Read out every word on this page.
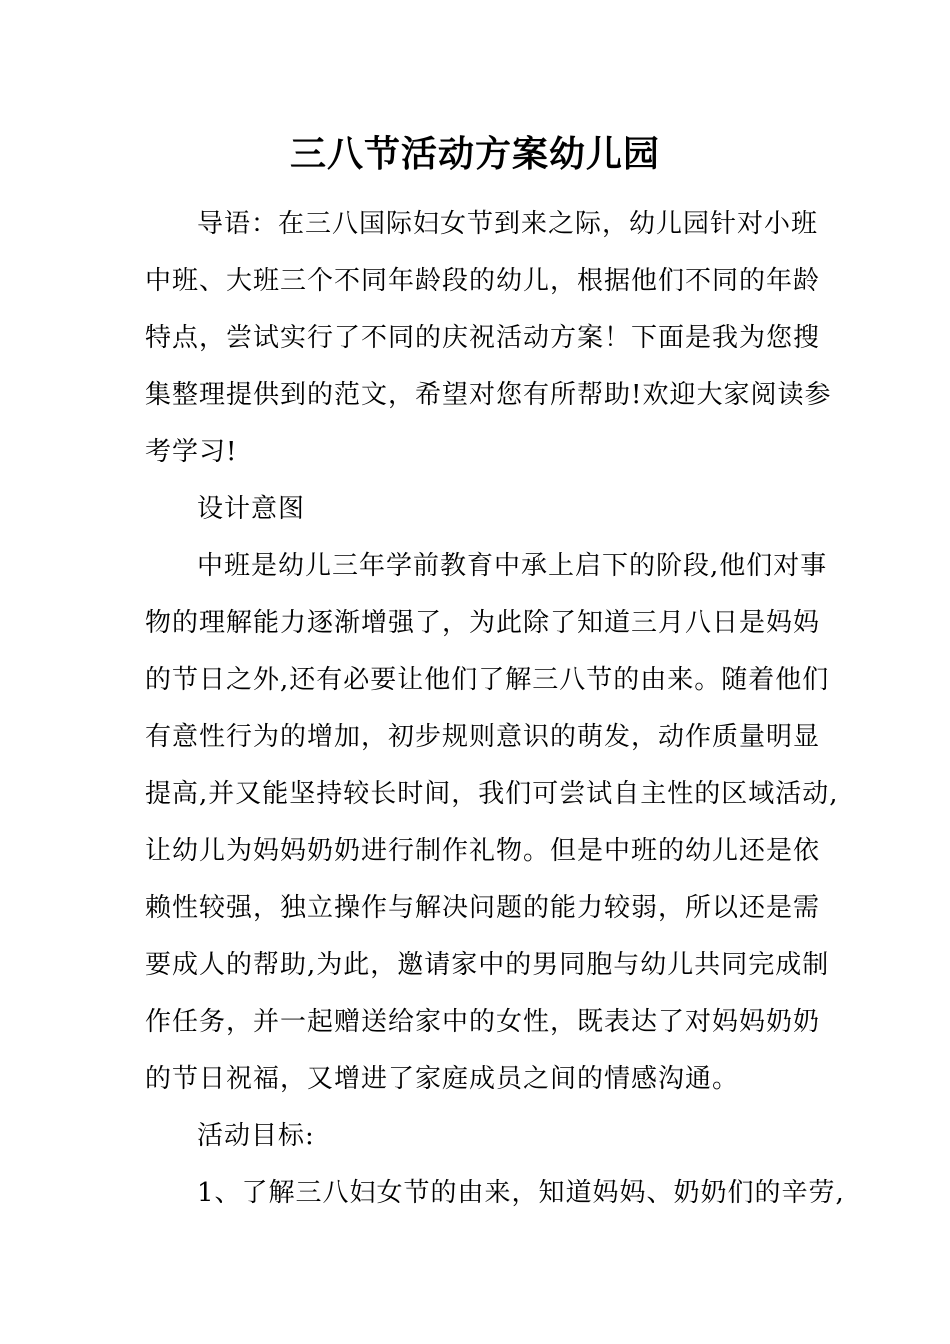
三八节活动方案幼儿园
导语：在三八国际妇女节到来之际，幼儿园针对小班
中班、大班三个不同年龄段的幼儿，根据他们不同的年龄
特点，尝试实行了不同的庆祝活动方案！下面是我为您搜
集整理提供到的范文，希望对您有所帮助!欢迎大家阅读参
考学习!
设计意图
中班是幼儿三年学前教育中承上启下的阶段,他们对事
物的理解能力逐渐增强了，为此除了知道三月八日是妈妈
的节日之外,还有必要让他们了解三八节的由来。随着他们
有意性行为的增加，初步规则意识的萌发，动作质量明显
提高,并又能坚持较长时间，我们可尝试自主性的区域活动,
让幼儿为妈妈奶奶进行制作礼物。但是中班的幼儿还是依
赖性较强，独立操作与解决问题的能力较弱，所以还是需
要成人的帮助,为此，邀请家中的男同胞与幼儿共同完成制
作任务，并一起赠送给家中的女性，既表达了对妈妈奶奶
的节日祝福，又增进了家庭成员之间的情感沟通。
活动目标:
1、了解三八妇女节的由来，知道妈妈、奶奶们的辛劳,
